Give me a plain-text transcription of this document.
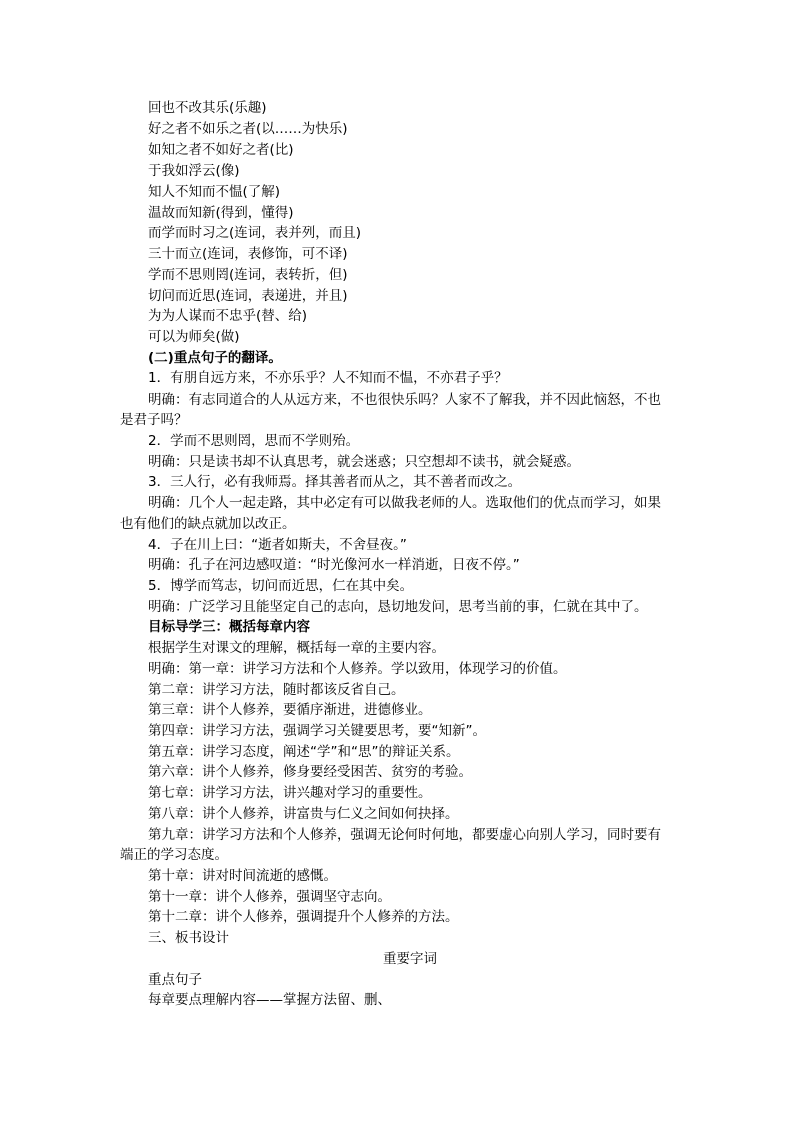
回也不改其乐(乐趣)
好之者不如乐之者(以……为快乐)
如知之者不如好之者(比)
于我如浮云(像)
知人不知而不愠(了解)
温故而知新(得到，懂得)
而学而时习之(连词，表并列，而且)
三十而立(连词，表修饰，可不译)
学而不思则罔(连词，表转折，但)
切问而近思(连词，表递进，并且)
为为人谋而不忠乎(替、给)
可以为师矣(做)
(二)重点句子的翻译。
1．有朋自远方来，不亦乐乎？人不知而不愠，不亦君子乎？
明确：有志同道合的人从远方来，不也很快乐吗？人家不了解我，并不因此恼怒，不也
是君子吗？
2．学而不思则罔，思而不学则殆。
明确：只是读书却不认真思考，就会迷惑；只空想却不读书，就会疑惑。
3．三人行，必有我师焉。择其善者而从之，其不善者而改之。
明确：几个人一起走路，其中必定有可以做我老师的人。选取他们的优点而学习，如果
也有他们的缺点就加以改正。
4．子在川上曰：“逝者如斯夫，不舍昼夜。”
明确：孔子在河边感叹道：“时光像河水一样消逝，日夜不停。”
5．博学而笃志，切问而近思，仁在其中矣。
明确：广泛学习且能坚定自己的志向，恳切地发问，思考当前的事，仁就在其中了。
目标导学三：概括每章内容
根据学生对课文的理解，概括每一章的主要内容。
明确：第一章：讲学习方法和个人修养。学以致用，体现学习的价值。
第二章：讲学习方法，随时都该反省自己。
第三章：讲个人修养，要循序渐进，进德修业。
第四章：讲学习方法，强调学习关键要思考，要“知新”。
第五章：讲学习态度，阐述“学”和“思”的辩证关系。
第六章：讲个人修养，修身要经受困苦、贫穷的考验。
第七章：讲学习方法，讲兴趣对学习的重要性。
第八章：讲个人修养，讲富贵与仁义之间如何抉择。
第九章：讲学习方法和个人修养，强调无论何时何地，都要虚心向别人学习，同时要有
端正的学习态度。
第十章：讲对时间流逝的感慨。
第十一章：讲个人修养，强调坚守志向。
第十二章：讲个人修养，强调提升个人修养的方法。
三、板书设计
重要字词
重点句子
每章要点理解内容——掌握方法留、删、
